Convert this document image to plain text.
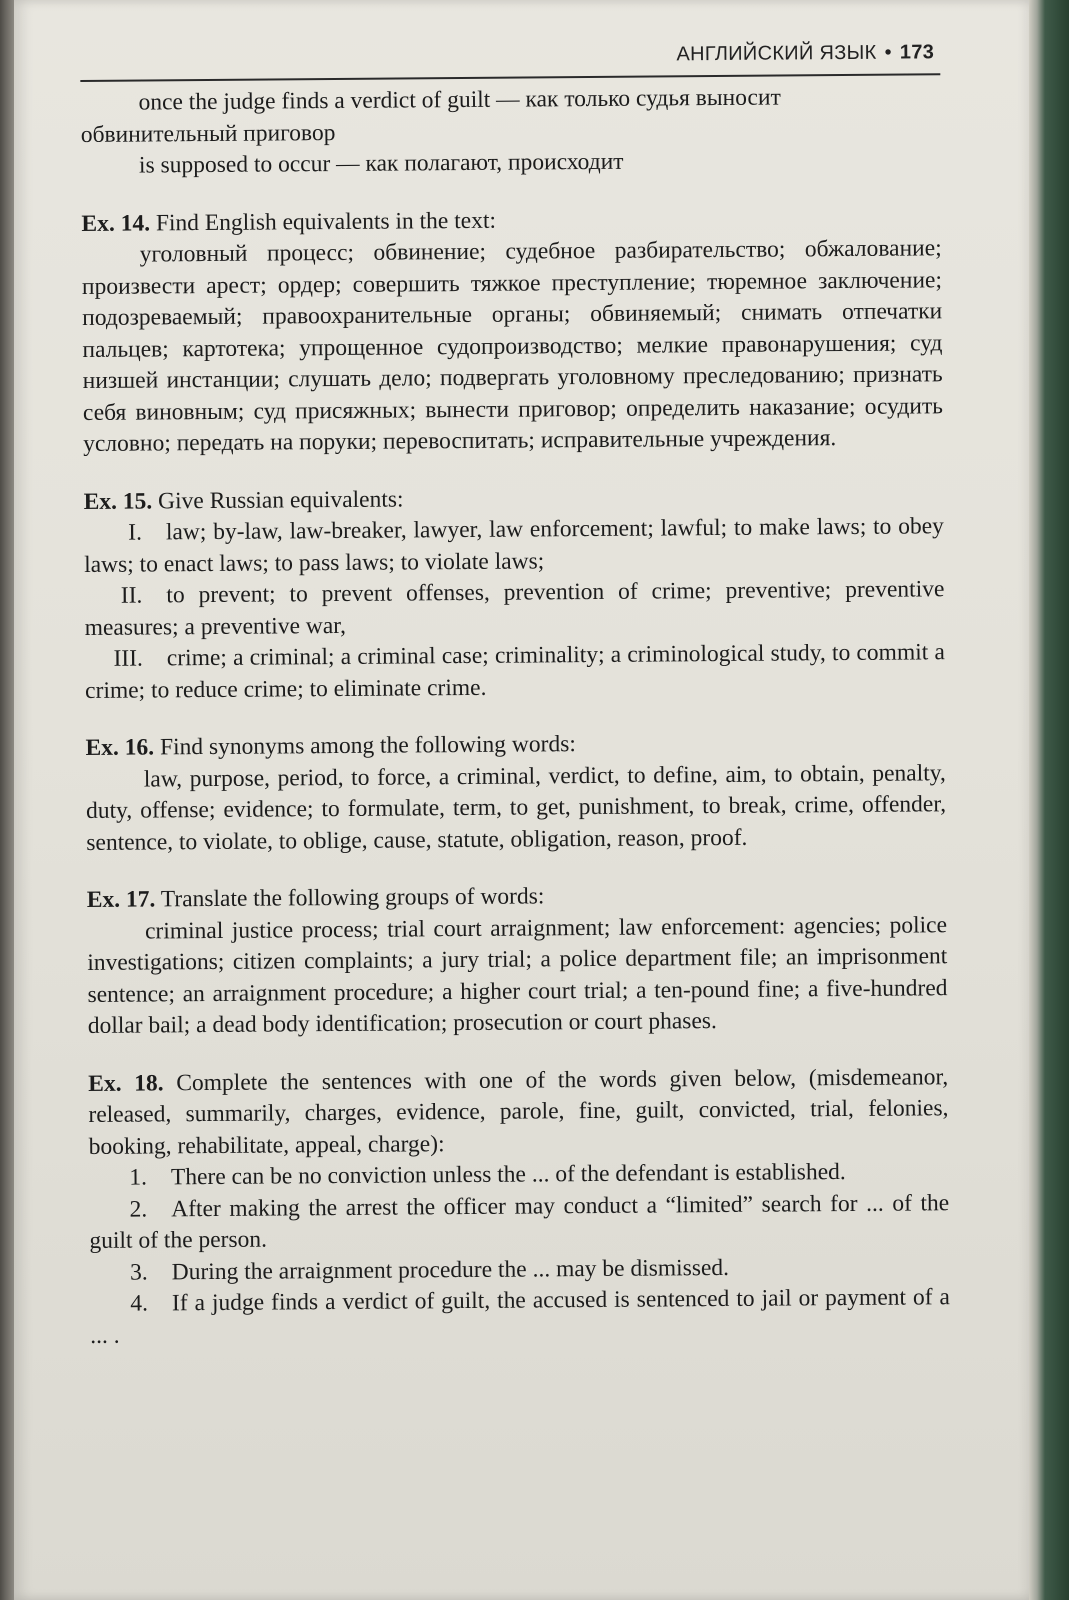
АНГЛИЙСКИЙ ЯЗЫК • 173

once the judge finds a verdict of guilt — как только судья выносит обвинительный приговор

is supposed to occur — как полагают, происходит

Ex. 14. Find English equivalents in the text:

уголовный процесс; обвинение; судебное разбирательство; обжалование; произвести арест; ордер; совершить тяжкое преступление; тюремное заключение; подозреваемый; правоохранительные органы; обвиняемый; снимать отпечатки пальцев; картотека; упрощенное судопроизводство; мелкие правонарушения; суд низшей инстанции; слушать дело; подвергать уголовному преследованию; признать себя виновным; суд присяжных; вынести приговор; определить наказание; осудить условно; передать на поруки; перевоспитать; исправительные учреждения.

Ex. 15. Give Russian equivalents:

I. law; by-law, law-breaker, lawyer, law enforcement; lawful; to make laws; to obey laws; to enact laws; to pass laws; to violate laws;

II. to prevent; to prevent offenses, prevention of crime; preventive; preventive measures; a preventive war,

III. crime; a criminal; a criminal case; criminality; a criminological study, to commit a crime; to reduce crime; to eliminate crime.

Ex. 16. Find synonyms among the following words:

law, purpose, period, to force, a criminal, verdict, to define, aim, to obtain, penalty, duty, offense; evidence; to formulate, term, to get, punishment, to break, crime, offender, sentence, to violate, to oblige, cause, statute, obligation, reason, proof.

Ex. 17. Translate the following groups of words:

criminal justice process; trial court arraignment; law enforcement: agencies; police investigations; citizen complaints; a jury trial; a police department file; an imprisonment sentence; an arraignment procedure; a higher court trial; a ten-pound fine; a five-hundred dollar bail; a dead body identification; prosecution or court phases.

Ex. 18. Complete the sentences with one of the words given below, (misdemeanor, released, summarily, charges, evidence, parole, fine, guilt, convicted, trial, felonies, booking, rehabilitate, appeal, charge):

1. There can be no conviction unless the ... of the defendant is established.

2. After making the arrest the officer may conduct a “limited” search for ... of the guilt of the person.

3. During the arraignment procedure the ... may be dismissed.

4. If a judge finds a verdict of guilt, the accused is sentenced to jail or payment of a ... .
